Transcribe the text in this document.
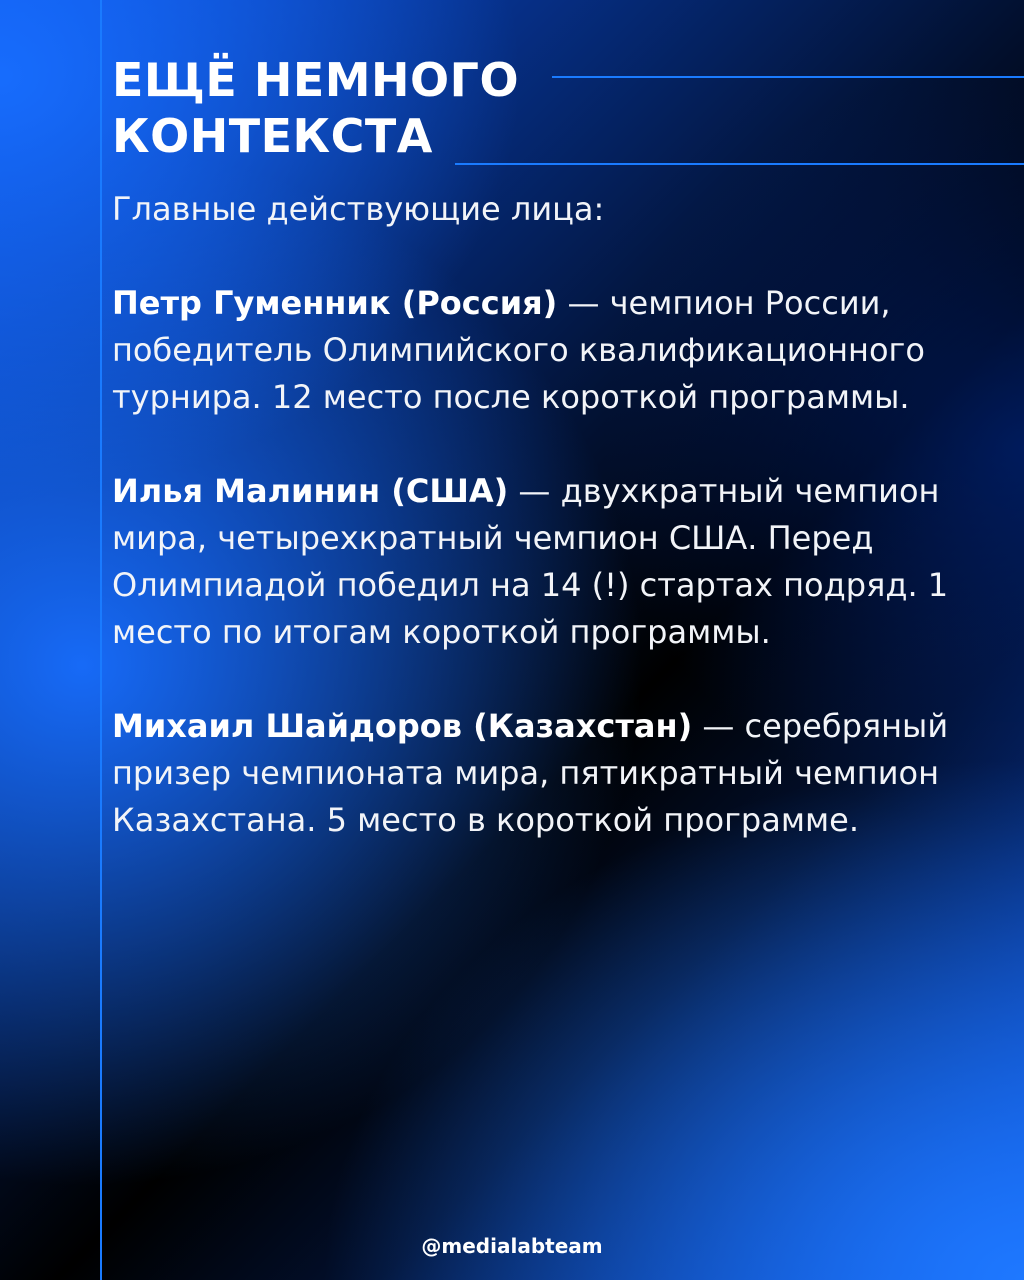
ЕЩЁ НЕМНОГО
КОНТЕКСТА

Главные действующие лица:

Петр Гуменник (Россия) — чемпион России, победитель Олимпийского квалификационного турнира. 12 место после короткой программы.

Илья Малинин (США) — двухкратный чемпион мира, четырехкратный чемпион США. Перед Олимпиадой победил на 14 (!) стартах подряд. 1 место по итогам короткой программы.

Михаил Шайдоров (Казахстан) — серебряный призер чемпионата мира, пятикратный чемпион Казахстана. 5 место в короткой программе.

@medialabteam
